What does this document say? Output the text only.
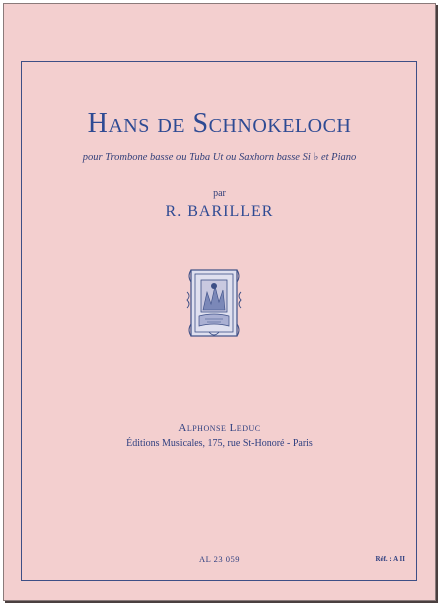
Hans de Schnokeloch
pour Trombone basse ou Tuba Ut ou Saxhorn basse Si ♭ et Piano
par
R. BARILLER
Alphonse Leduc
Éditions Musicales, 175, rue St-Honoré - Paris
AL 23 059	Réf. : A II
